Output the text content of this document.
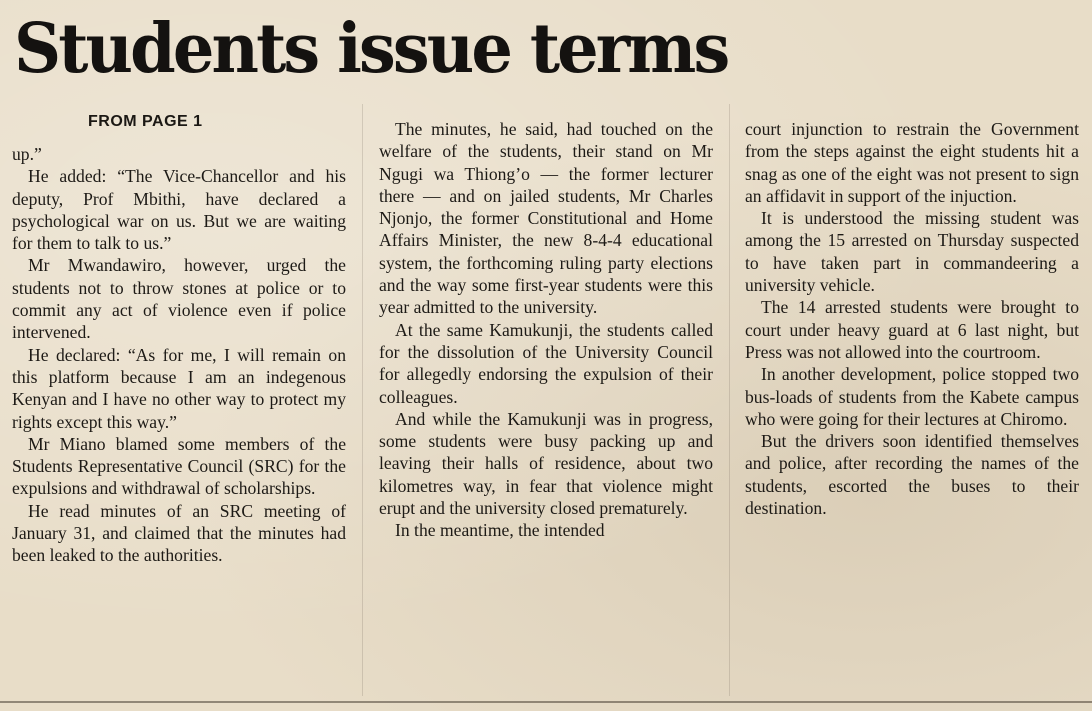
Students issue terms
FROM PAGE 1

up.”

He added: “The Vice-Chancellor and his deputy, Prof Mbithi, have declared a psychological war on us. But we are waiting for them to talk to us.”

Mr Mwandawiro, however, urged the students not to throw stones at police or to commit any act of violence even if police intervened.

He declared: “As for me, I will remain on this platform because I am an indegenous Kenyan and I have no other way to protect my rights except this way.”

Mr Miano blamed some members of the Students Representative Council (SRC) for the expulsions and withdrawal of scholarships.

He read minutes of an SRC meeting of January 31, and claimed that the minutes had been leaked to the authorities.

The minutes, he said, had touched on the welfare of the students, their stand on Mr Ngugi wa Thiong’o — the former lecturer there — and on jailed students, Mr Charles Njonjo, the former Constitutional and Home Affairs Minister, the new 8-4-4 educational system, the forthcoming ruling party elections and the way some first-year students were this year admitted to the university.

At the same Kamukunji, the students called for the dissolution of the University Council for allegedly endorsing the expulsion of their colleagues.

And while the Kamukunji was in progress, some students were busy packing up and leaving their halls of residence, about two kilometres way, in fear that violence might erupt and the university closed prematurely.

In the meantime, the intended

court injunction to restrain the Government from the steps against the eight students hit a snag as one of the eight was not present to sign an affidavit in support of the injuction.

It is understood the missing student was among the 15 arrested on Thursday suspected to have taken part in commandeering a university vehicle.

The 14 arrested students were brought to court under heavy guard at 6 last night, but Press was not allowed into the courtroom.

In another development, police stopped two bus-loads of students from the Kabete campus who were going for their lectures at Chiromo.

But the drivers soon identified themselves and police, after recording the names of the students, escorted the buses to their destination.
